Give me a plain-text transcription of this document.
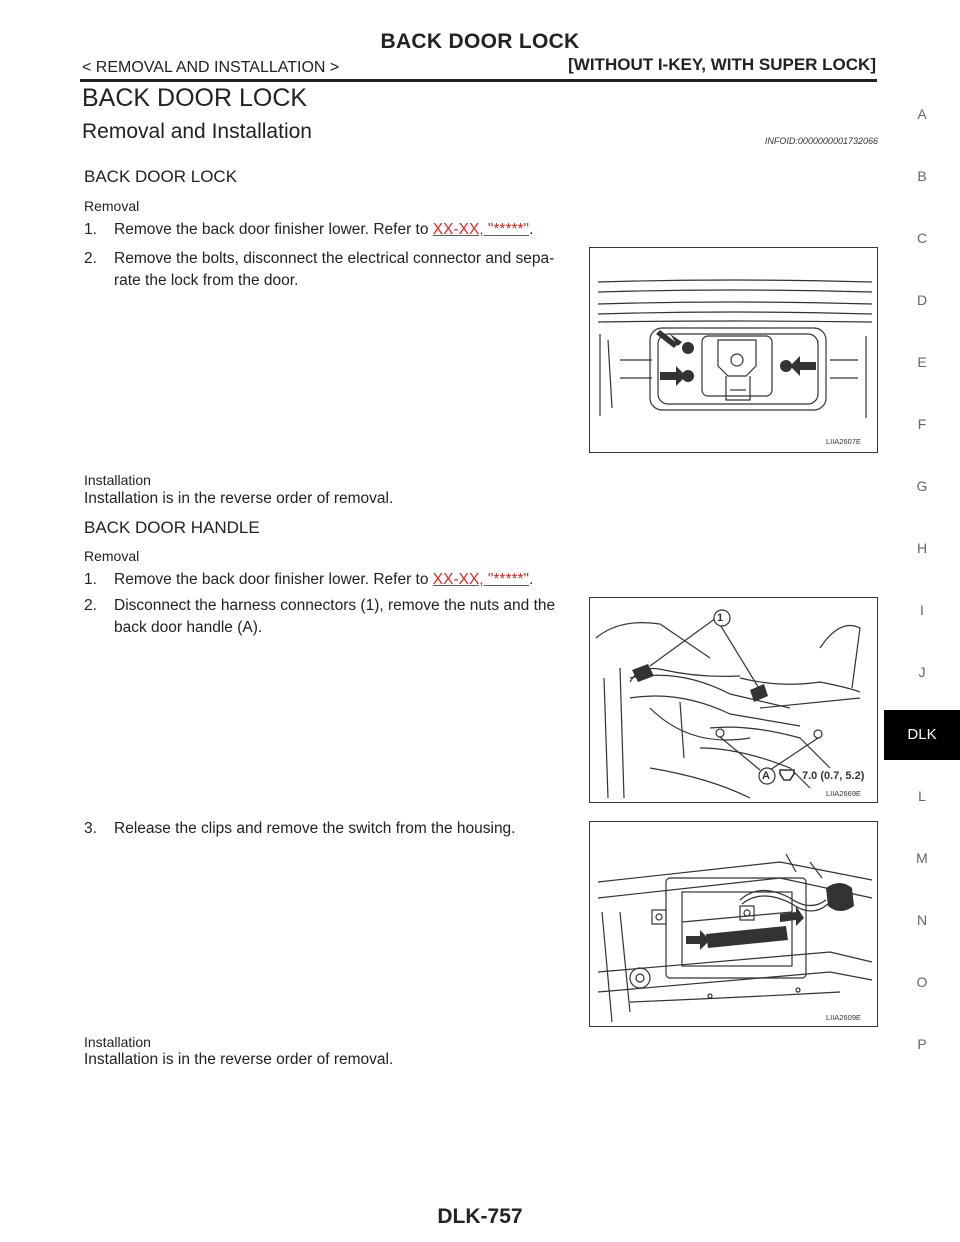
BACK DOOR LOCK
< REMOVAL AND INSTALLATION >	[WITHOUT I-KEY, WITH SUPER LOCK]
BACK DOOR LOCK
Removal and Installation	INFOID:0000000001732066
BACK DOOR LOCK
Removal
1. Remove the back door finisher lower. Refer to XX-XX, "*****".
2. Remove the bolts, disconnect the electrical connector and sepa-
rate the lock from the door.
LIIA2607E
Installation
Installation is in the reverse order of removal.
BACK DOOR HANDLE
Removal
1. Remove the back door finisher lower. Refer to XX-XX, "*****".
2. Disconnect the harness connectors (1), remove the nuts and the
back door handle (A).
1
A	7.0 (0.7, 5.2)
LIIA2669E
3. Release the clips and remove the switch from the housing.
LIIA2609E
Installation
Installation is in the reverse order of removal.
A
B
C
D
E
F
G
H
I
J
DLK
L
M
N
O
P
DLK-757
